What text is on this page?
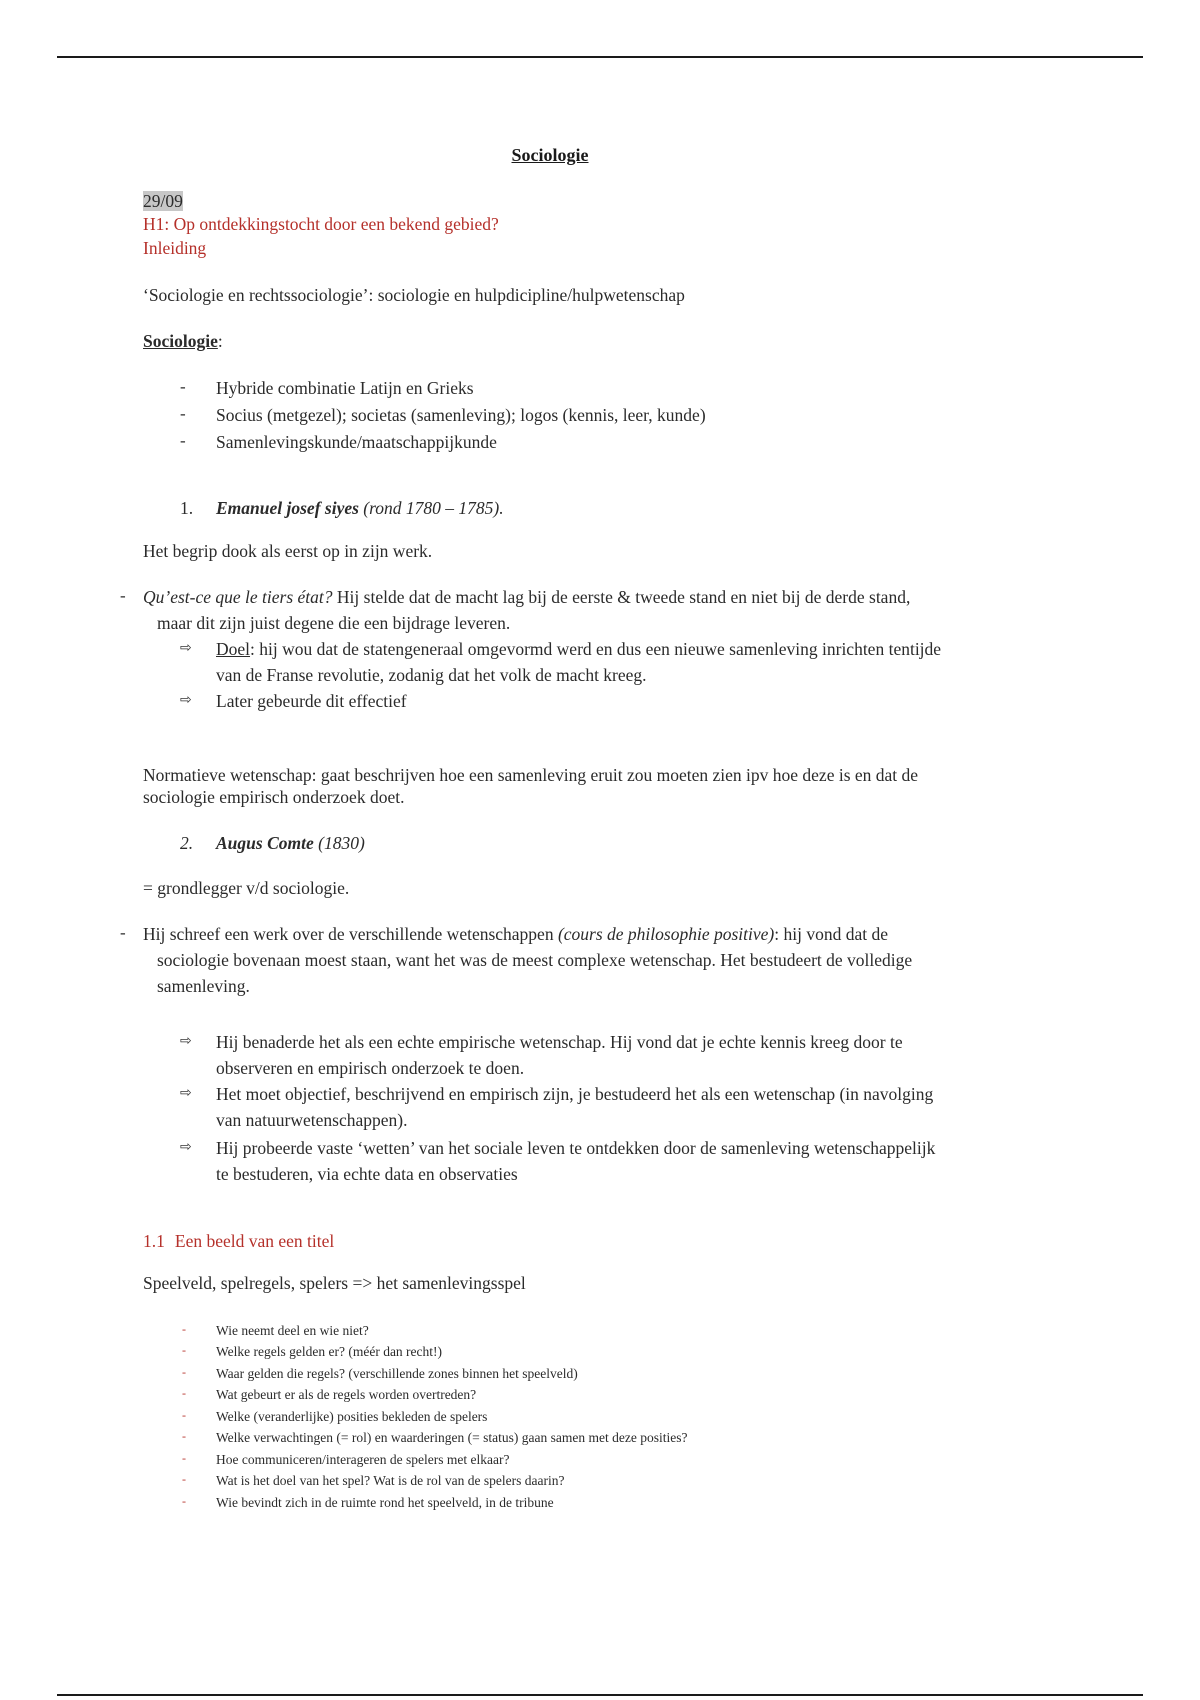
Sociologie
29/09
H1: Op ontdekkingstocht door een bekend gebied?
Inleiding
‘Sociologie en rechtssociologie’: sociologie en hulpdicipline/hulpwetenschap
Sociologie:
- Hybride combinatie Latijn en Grieks
- Socius (metgezel); societas (samenleving); logos (kennis, leer, kunde)
- Samenlevingskunde/maatschappijkunde
1. Emanuel josef siyes (rond 1780 – 1785).
Het begrip dook als eerst op in zijn werk.
- Qu’est-ce que le tiers état? Hij stelde dat de macht lag bij de eerste & tweede stand en niet bij de derde stand,
maar dit zijn juist degene die een bijdrage leveren.
⇨ Doel: hij wou dat de statengeneraal omgevormd werd en dus een nieuwe samenleving inrichten tentijde
van de Franse revolutie, zodanig dat het volk de macht kreeg.
⇨ Later gebeurde dit effectief
Normatieve wetenschap: gaat beschrijven hoe een samenleving eruit zou moeten zien ipv hoe deze is en dat de
sociologie empirisch onderzoek doet.
2. Augus Comte (1830)
= grondlegger v/d sociologie.
- Hij schreef een werk over de verschillende wetenschappen (cours de philosophie positive): hij vond dat de
sociologie bovenaan moest staan, want het was de meest complexe wetenschap. Het bestudeert de volledige
samenleving.
⇨ Hij benaderde het als een echte empirische wetenschap. Hij vond dat je echte kennis kreeg door te
observeren en empirisch onderzoek te doen.
⇨ Het moet objectief, beschrijvend en empirisch zijn, je bestudeerd het als een wetenschap (in navolging
van natuurwetenschappen).
⇨ Hij probeerde vaste ‘wetten’ van het sociale leven te ontdekken door de samenleving wetenschappelijk
te bestuderen, via echte data en observaties
1.1 Een beeld van een titel
Speelveld, spelregels, spelers => het samenlevingsspel
- Wie neemt deel en wie niet?
- Welke regels gelden er? (méér dan recht!)
- Waar gelden die regels? (verschillende zones binnen het speelveld)
- Wat gebeurt er als de regels worden overtreden?
- Welke (veranderlijke) posities bekleden de spelers
- Welke verwachtingen (= rol) en waarderingen (= status) gaan samen met deze posities?
- Hoe communiceren/interageren de spelers met elkaar?
- Wat is het doel van het spel? Wat is de rol van de spelers daarin?
- Wie bevindt zich in de ruimte rond het speelveld, in de tribune
